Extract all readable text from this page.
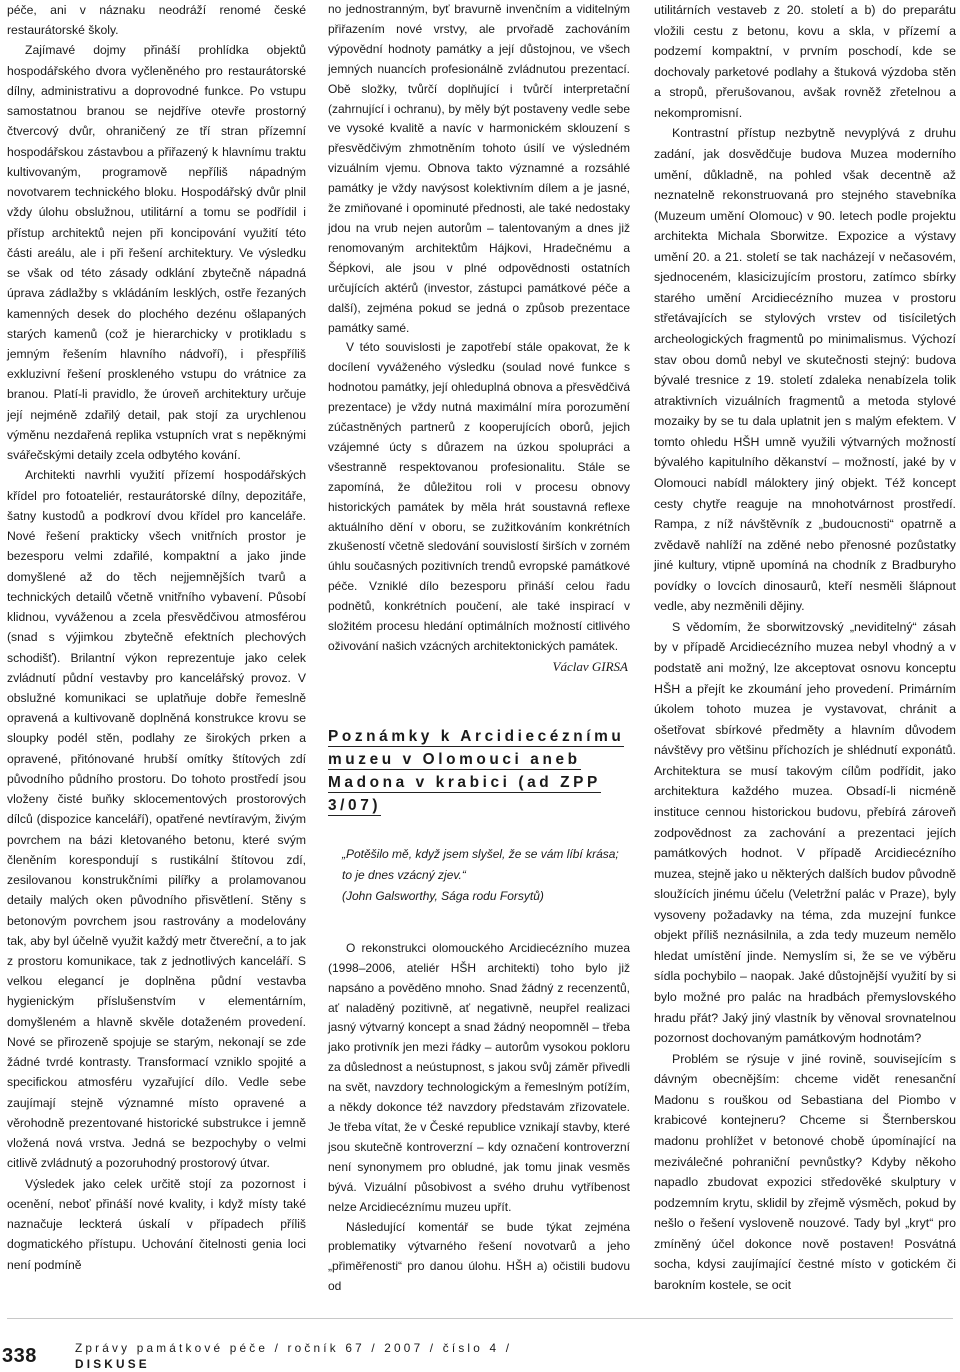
péče, ani v náznaku neodráží renomé české restaurátorské školy.

Zajímavé dojmy přináší prohlídka objektů hospodářského dvora vyčleněného pro restaurátorské dílny, administrativu a doprovodné funkce. Po vstupu samostatnou branou se nejdříve otevře prostorný čtvercový dvůr, ohraničený ze tří stran přízemní hospodářskou zástavbou a přiřazený k hlavnímu traktu kultivovaným, programově nepříliš nápadným novotvarem technického bloku. Hospodářský dvůr plnil vždy úlohu obslužnou, utilitární a tomu se podřídil i přístup architektů nejen při koncipování využití této části areálu, ale i při řešení architektury. Ve výsledku se však od této zásady odklání zbytečně nápadná úprava zádlažby s vkládáním lesklých, ostře řezaných kamenných desek do plochého dezénu ošlapaných starých kamenů (což je hierarchicky v protikladu s jemným řešením hlavního nádvoří), i přespříliš exkluzivní řešení proskleného vstupu do vrátnice za branou. Platí-li pravidlo, že úroveň architektury určuje její nejméně zdařilý detail, pak stojí za urychlenou výměnu nezdařená replika vstupních vrat s nepěknými svářečskými detaily zcela odbytého kování.

Architekti navrhli využití přízemí hospodářských křídel pro fotoateliér, restaurátorské dílny, depozitáře, šatny kustodů a podkroví dvou křídel pro kanceláře. Nové řešení prakticky všech vnitřních prostor je bezesporu velmi zdařilé, kompaktní a jako jinde domyšlené až do těch nejjemnějších tvarů a technických detailů včetně vnitřního vybavení. Působí klidnou, vyváženou a zcela přesvědčivou atmosférou (snad s výjimkou zbytečně efektních plechových schodišť). Brilantní výkon reprezentuje jako celek zvládnutí půdní vestavby pro kancelářský provoz. V obslužné komunikaci se uplatňuje dobře řemeslně opravená a kultivovaně doplněná konstrukce krovu se sloupky podél stěn, podlahy ze širokých prken a opravené, přitónované hrubší omítky štítových zdí původního půdního prostoru. Do tohoto prostředí jsou vloženy čisté buňky sklocementových prostorových dílců (dispozice kanceláří), opatřené nevtíravým, živým povrchem na bázi kletovaného betonu, které svým členěním korespondují s rustikální štítovou zdí, zesilovanou konstrukčními pilířky a prolamovanou detaily malých oken původního přisvětlení. Stěny s betonovým povrchem jsou rastrovány a modelovány tak, aby byl účelně využit každý metr čtvereční, a to jak z prostoru komunikace, tak z jednotlivých kanceláří. S velkou elegancí je doplněna půdní vestavba hygienickým příslušenstvím v elementárním, domyšleném a hlavně skvěle dotaženém provedení. Nové se přirozeně spojuje se starým, nekonají se zde žádné tvrdé kontrasty. Transformací vzniklo spojité a specifickou atmosféru vyzařující dílo. Vedle sebe zaujímají stejně významné místo opravené a věrohodně prezentované historické substrukce i jemně vložená nová vrstva. Jedná se bezpochyby o velmi citlivě zvládnutý a pozoruhodný prostorový útvar.

Výsledek jako celek určitě stojí za pozornost i ocenění, neboť přináší nové kvality, i když místy také naznačuje leckterá úskalí v případech příliš dogmatického přístupu. Uchování čitelnosti genia loci není podmíně

no jednostranným, byť bravurně invenčním a viditelným přiřazením nové vrstvy, ale prvořadě zachováním výpovědní hodnoty památky a její důstojnou, ve všech jemných nuancích profesionálně zvládnutou prezentací. Obě složky, tvůrčí doplňující i tvůrčí interpretační (zahrnující i ochranu), by měly být postaveny vedle sebe ve vysoké kvalitě a navíc v harmonickém sklouzení s přesvědčivým zhmotněním tohoto úsilí ve výsledném vizuálním vjemu. Obnova takto významné a rozsáhlé památky je vždy navýsost kolektivním dílem a je jasné, že zmiňované i opominuté přednosti, ale také nedostaky jdou na vrub nejen autorům – talentovaným a dnes již renomovaným architektům Hájkovi, Hradečnému a Šépkovi, ale jsou v plné odpovědnosti ostatních určujících aktérů (investor, zástupci památkové péče a další), zejména pokud se jedná o způsob prezentace památky samé.

V této souvislosti je zapotřebí stále opakovat, že k docílení vyváženého výsledku (soulad nové funkce s hodnotou památky, její ohleduplná obnova a přesvědčivá prezentace) je vždy nutná maximální míra porozumění zúčastněných partnerů z kooperujících oborů, jejich vzájemné úcty s důrazem na úzkou spolupráci a všestranně respektovanou profesionalitu. Stále se zapomíná, že důležitou roli v procesu obnovy historických památek by měla hrát soustavná reflexe aktuálního dění v oboru, se zužitkováním konkrétních zkušeností včetně sledování souvislostí širších v zorném úhlu současných pozitivních trendů evropské památkové péče. Vzniklé dílo bezesporu přináší celou řadu podnětů, konkrétních poučení, ale také inspirací v složitém procesu hledání optimálních možností citlivého oživování našich vzácných architektonických památek.

Václav GIRSA

Poznámky k Arcidiecéznímu muzeu v Olomouci aneb Madona v krabici (ad ZPP 3/07)

„Potěšilo mě, když jsem slyšel, že se vám líbí krása; to je dnes vzácný zjev.“

(John Galsworthy, Sága rodu Forsytů)

O rekonstrukci olomouckého Arcidiecézního muzea (1998–2006, ateliér HŠH architekti) toho bylo již napsáno a pověděno mnoho. Snad žádný z recenzentů, ať naladěný pozitivně, ať negativně, neupřel realizaci jasný výtvarný koncept a snad žádný neopomněl – třeba jako protivník jen mezi řádky – autorům vysokou pokloru za důslednost a neústupnost, s jakou svůj záměr přivedli na svět, navzdory technologickým a řemeslným potížím, a někdy dokonce též navzdory představám zřizovatele. Je třeba vítat, že v České republice vznikají stavby, které jsou skutečně kontroverzní – kdy označení kontroverzní není synonymem pro obludné, jak tomu jinak vesměs bývá. Vizuální působivost a svého druhu vytříbenost nelze Arcidiecéznímu muzeu upřít.

Následující komentář se bude týkat zejména problematiky výtvarného řešení novotvarů a jeho „přiměřenosti“ pro danou úlohu. HŠH a) očistili budovu od

utilitárních vestaveb z 20. století a b) do preparátu vložili cestu z betonu, kovu a skla, v přízemí a podzemí kompaktní, v prvním poschodí, kde se dochovaly parketové podlahy a štuková výzdoba stěn a stropů, přerušovanou, avšak rovněž zřetelnou a nekompromisní.

Kontrastní přístup nezbytně nevyplývá z druhu zadání, jak dosvědčuje budova Muzea moderního umění, důkladně, na pohled však decentně až neznatelně rekonstruovaná pro stejného stavebníka (Muzeum umění Olomouc) v 90. letech podle projektu architekta Michala Sborwitze. Expozice a výstavy umění 20. a 21. století se tak nacházejí v nečasovém, sjednoceném, klasicizujícím prostoru, zatímco sbírky starého umění Arcidiecézního muzea v prostoru střetávajících se stylových vrstev od tisíciletých archeologických fragmentů po minimalismus. Výchozí stav obou domů nebyl ve skutečnosti stejný: budova bývalé tresnice z 19. století zdaleka nenabízela tolik atraktivních vizuálních fragmentů a metoda stylové mozaiky by se tu dala uplatnit jen s malým efektem. V tomto ohledu HŠH umně využili výtvarných možností bývalého kapitulního děkanství – možností, jaké by v Olomouci nabídl máloktery jiný objekt. Též koncept cesty chytře reaguje na mnohotvárnost prostředí. Rampa, z níž návštěvník z „budoucnosti“ opatrně a zvědavě nahlíží na zděné nebo přenosné pozůstatky jiné kultury, vtipně upomíná na chodník z Bradburyho povídky o lovcích dinosaurů, kteří nesměli šlápnout vedle, aby nezměnili dějiny.

S vědomím, že sborwitzovský „neviditelný“ zásah by v případě Arcidiecézního muzea nebyl vhodný a v podstatě ani možný, lze akceptovat osnovu konceptu HŠH a přejít ke zkoumání jeho provedení. Primárním úkolem tohoto muzea je vystavovat, chránit a ošetřovat sbírkové předměty a hlavním důvodem návštěvy pro většinu příchozích je shlédnutí exponátů. Architektura se musí takovým cílům podřídit, jako architektura každého muzea. Obsadí-li nicméně instituce cennou historickou budovu, přebírá zároveň zodpovědnost za zachování a prezentaci jejích památkových hodnot. V případě Arcidiecézního muzea, stejně jako u některých dalších budov původně sloužících jinému účelu (Veletržní palác v Praze), byly vysoveny požadavky na téma, zda muzejní funkce objekt příliš neznásilnila, a zda tedy muzeum nemělo hledat umístění jinde. Nemyslím si, že se ve výběru sídla pochybilo – naopak. Jaké důstojnější využití by si bylo možné pro palác na hradbách přemyslovského hradu přát? Jaký jiný vlastník by věnoval srovnatelnou pozornost dochovaným památkovým hodnotám?

Problém se rýsuje v jiné rovině, souvisejícím s dávným obecnějším: chceme vidět renesanční Madonu s rouškou od Sebastiana del Piombo v krabicové kontejneru? Chceme si Šternberskou madonu prohlížet v betonové chobě úpomínající na meziválečné pohraniční pevnůstky? Kdyby někoho napadlo zbudovat expozici středověké skulptury v podzemním krytu, sklidil by zřejmě výsměch, pokud by nešlo o řešení vysloveně nouzové. Tady byl „kryt“ pro zmíněný účel dokonce nově postaven! Posvátná socha, kdysi zaujímající čestné místo v gotickém či barokním kostele, se ocit

338	Zprávy památkové péče / ročník 67 / 2007 / číslo 4 /
DISKUSE
